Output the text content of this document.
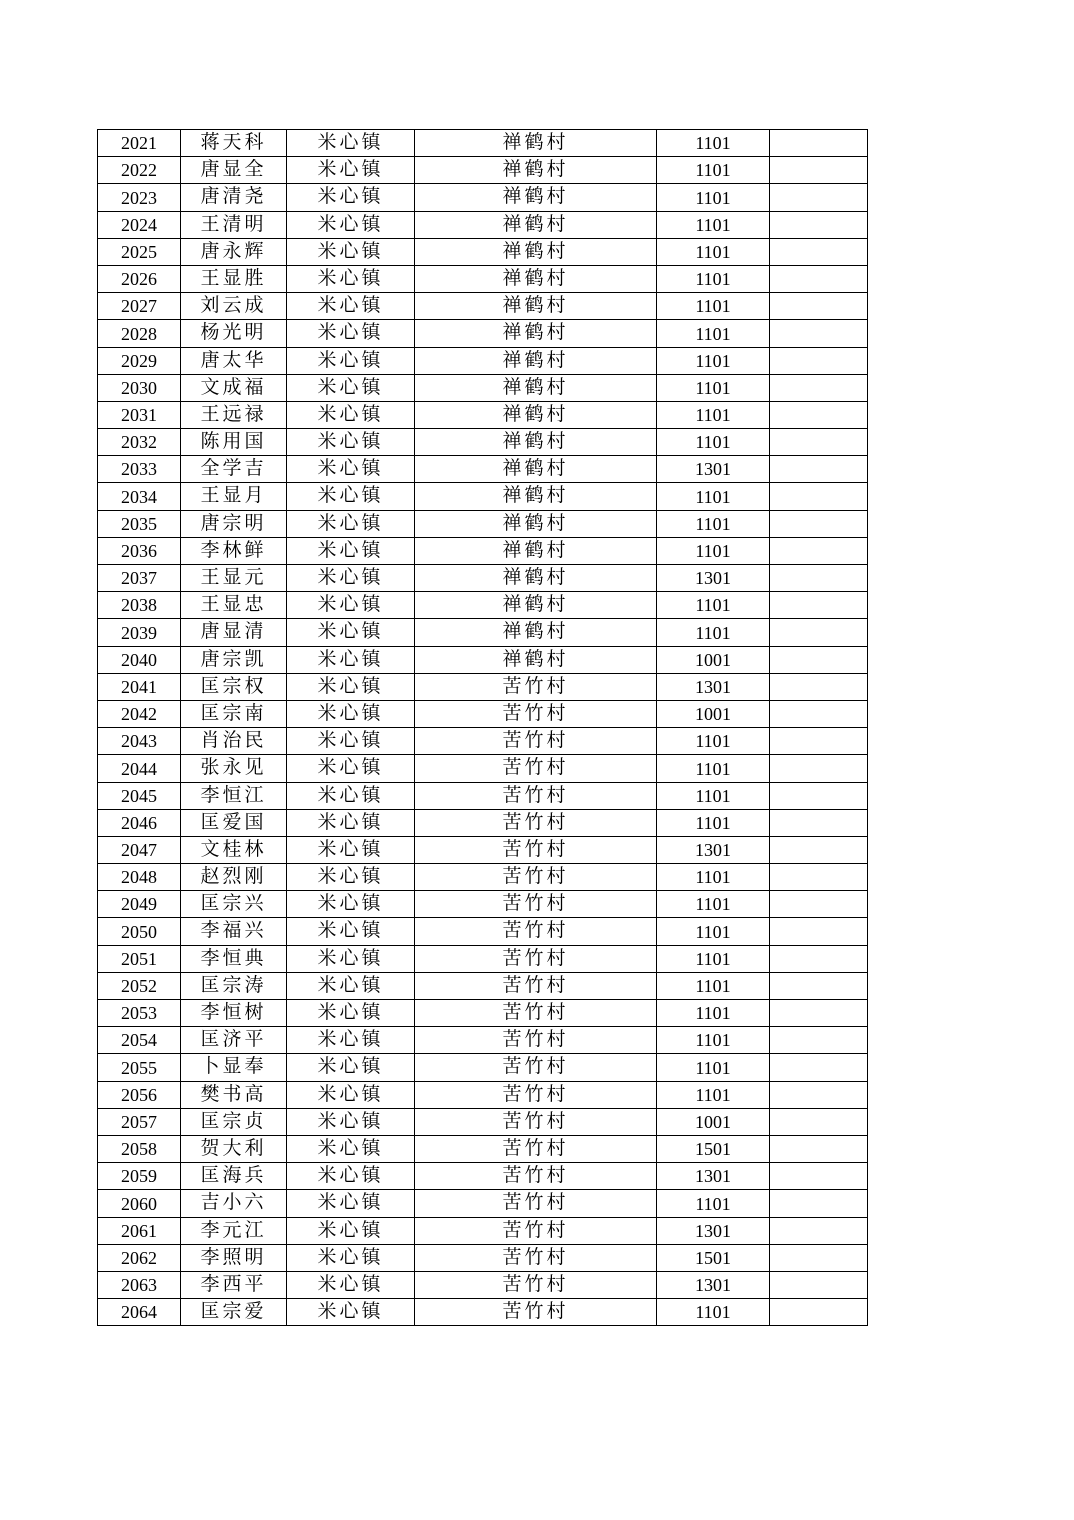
2021	蒋天科	米心镇	禅鹤村	1101	
2022	唐显全	米心镇	禅鹤村	1101	
2023	唐清尧	米心镇	禅鹤村	1101	
2024	王清明	米心镇	禅鹤村	1101	
2025	唐永辉	米心镇	禅鹤村	1101	
2026	王显胜	米心镇	禅鹤村	1101	
2027	刘云成	米心镇	禅鹤村	1101	
2028	杨光明	米心镇	禅鹤村	1101	
2029	唐太华	米心镇	禅鹤村	1101	
2030	文成福	米心镇	禅鹤村	1101	
2031	王远禄	米心镇	禅鹤村	1101	
2032	陈用国	米心镇	禅鹤村	1101	
2033	全学吉	米心镇	禅鹤村	1301	
2034	王显月	米心镇	禅鹤村	1101	
2035	唐宗明	米心镇	禅鹤村	1101	
2036	李林鲜	米心镇	禅鹤村	1101	
2037	王显元	米心镇	禅鹤村	1301	
2038	王显忠	米心镇	禅鹤村	1101	
2039	唐显清	米心镇	禅鹤村	1101	
2040	唐宗凯	米心镇	禅鹤村	1001	
2041	匡宗权	米心镇	苦竹村	1301	
2042	匡宗南	米心镇	苦竹村	1001	
2043	肖治民	米心镇	苦竹村	1101	
2044	张永见	米心镇	苦竹村	1101	
2045	李恒江	米心镇	苦竹村	1101	
2046	匡爱国	米心镇	苦竹村	1101	
2047	文桂林	米心镇	苦竹村	1301	
2048	赵烈刚	米心镇	苦竹村	1101	
2049	匡宗兴	米心镇	苦竹村	1101	
2050	李福兴	米心镇	苦竹村	1101	
2051	李恒典	米心镇	苦竹村	1101	
2052	匡宗涛	米心镇	苦竹村	1101	
2053	李恒树	米心镇	苦竹村	1101	
2054	匡济平	米心镇	苦竹村	1101	
2055	卜显奉	米心镇	苦竹村	1101	
2056	樊书高	米心镇	苦竹村	1101	
2057	匡宗贞	米心镇	苦竹村	1001	
2058	贺大利	米心镇	苦竹村	1501	
2059	匡海兵	米心镇	苦竹村	1301	
2060	吉小六	米心镇	苦竹村	1101	
2061	李元江	米心镇	苦竹村	1301	
2062	李照明	米心镇	苦竹村	1501	
2063	李西平	米心镇	苦竹村	1301	
2064	匡宗爱	米心镇	苦竹村	1101	
